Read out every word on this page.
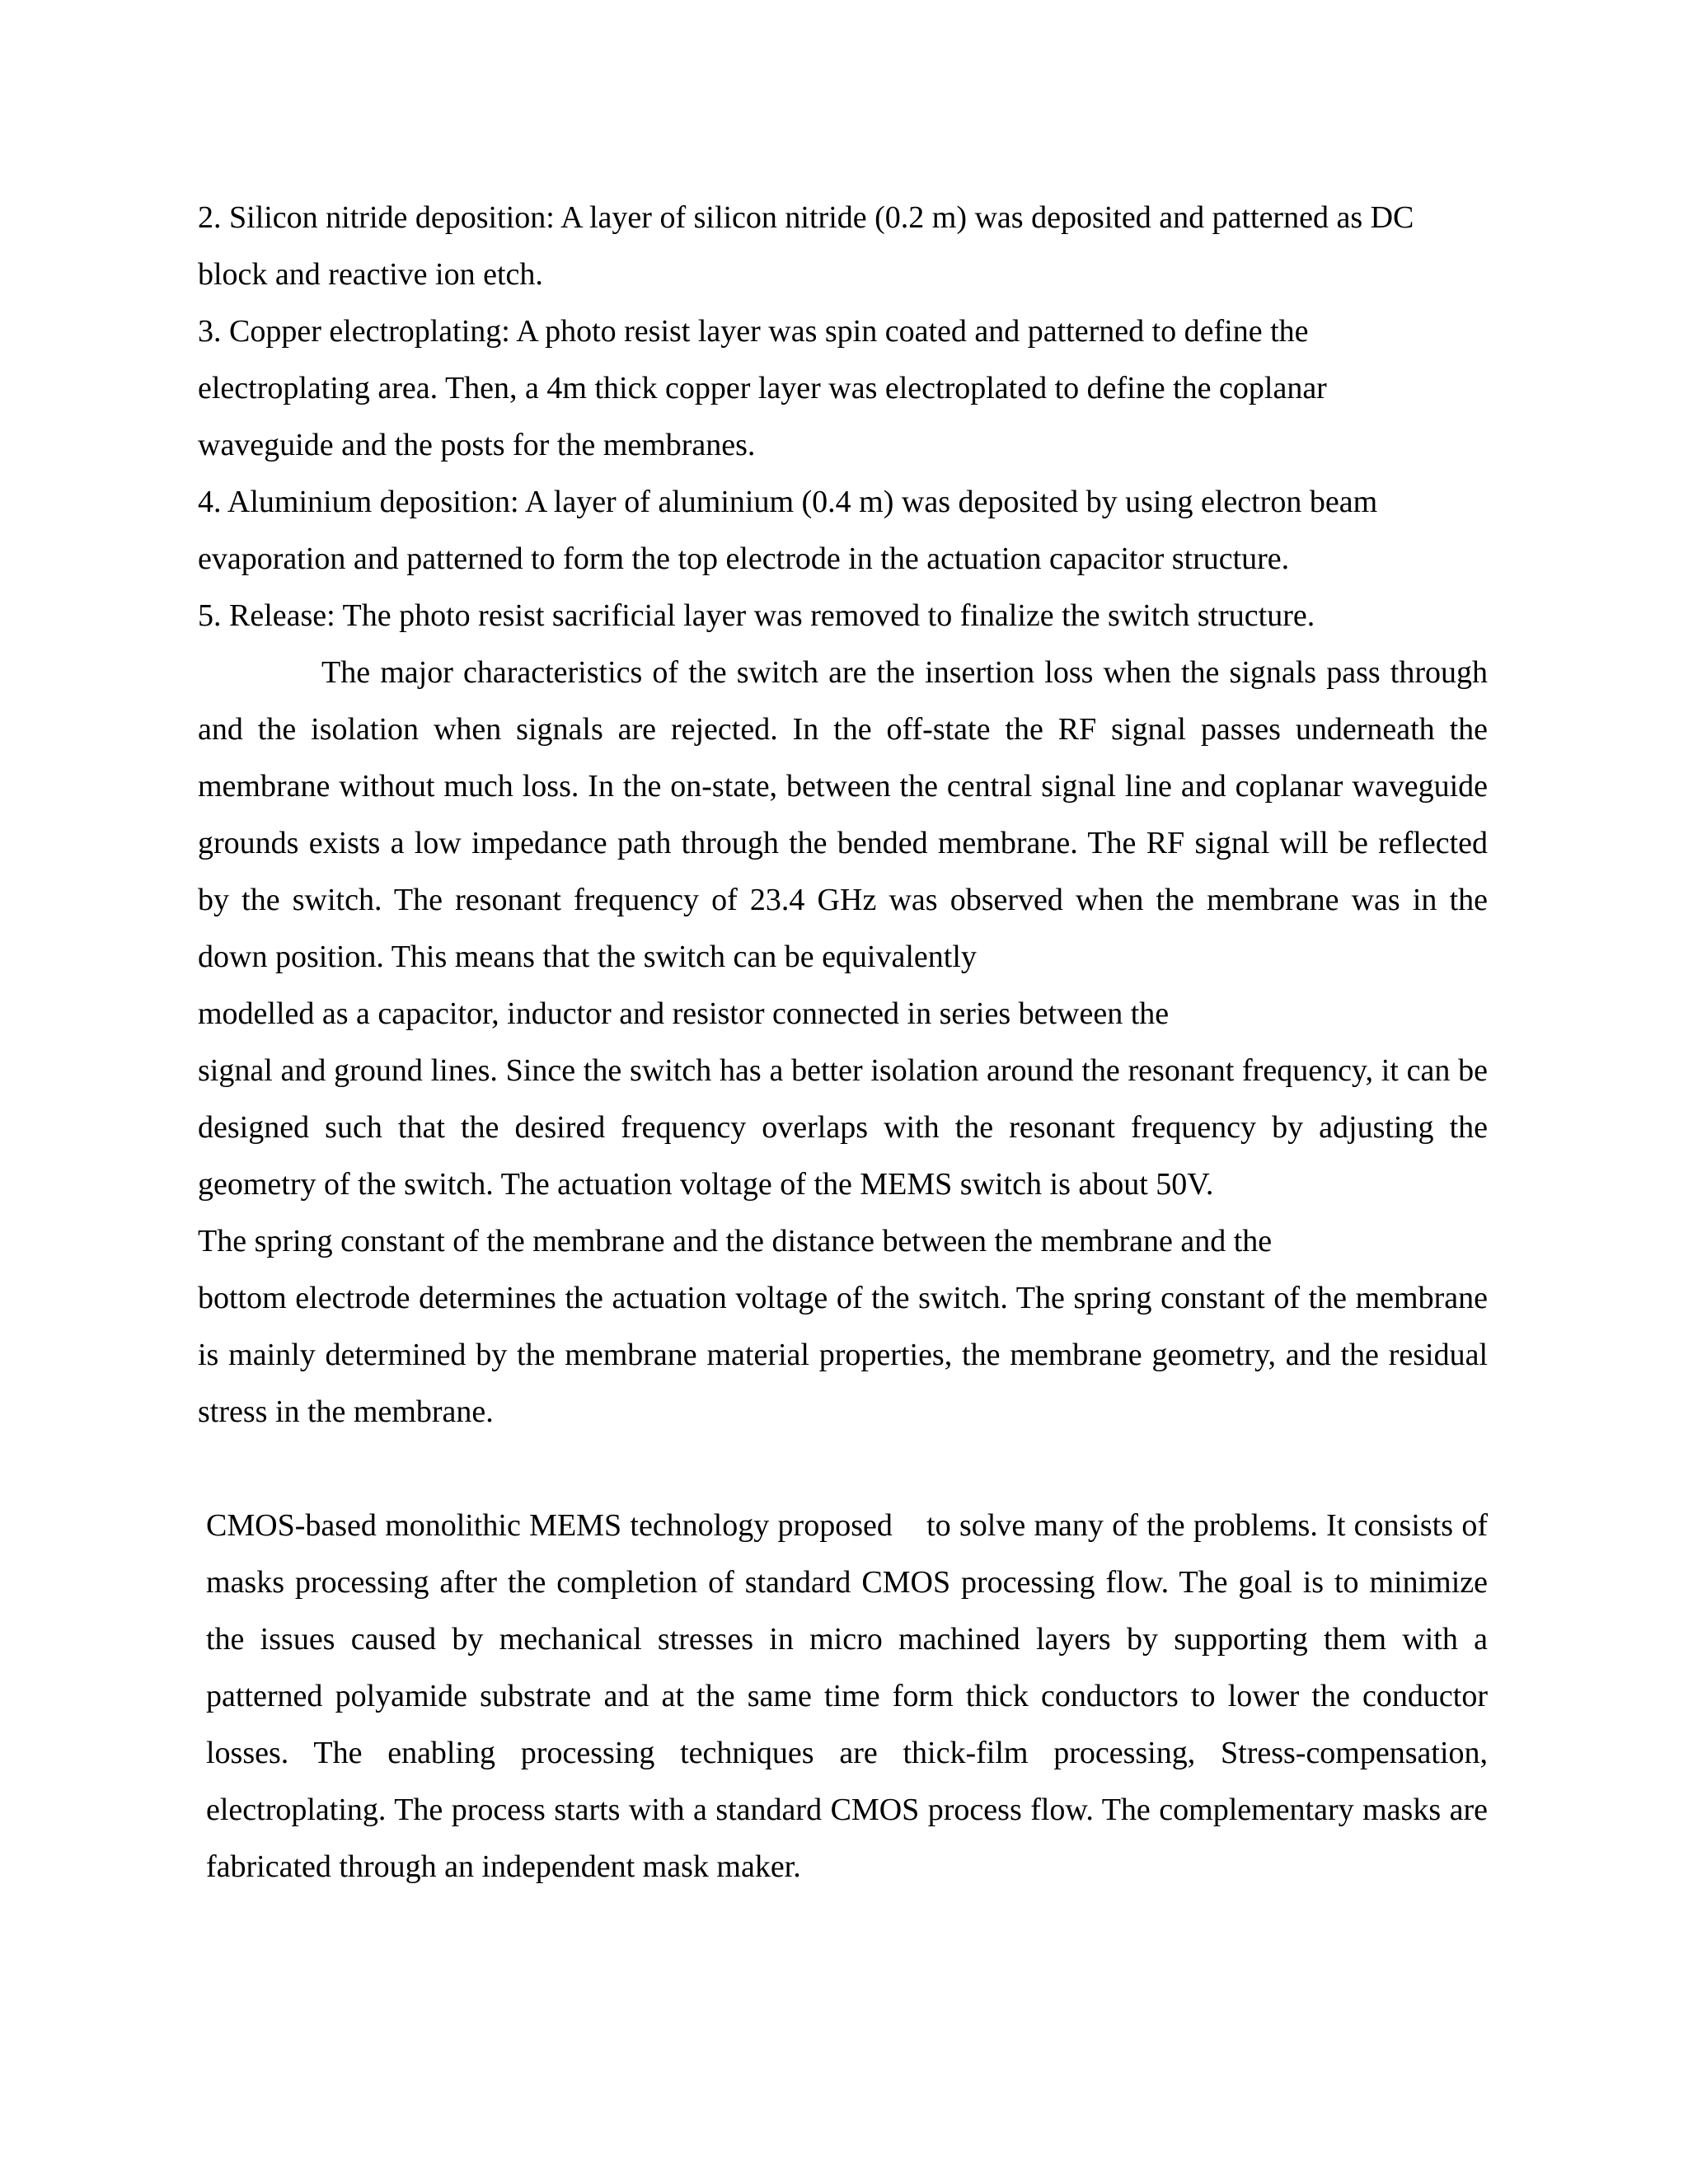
2. Silicon nitride deposition: A layer of silicon nitride (0.2 m) was deposited and patterned as DC

block and reactive ion etch.

3. Copper electroplating: A photo resist layer was spin coated and patterned to define the

electroplating area. Then, a 4m thick copper layer was electroplated to define the coplanar

waveguide and the posts for the membranes.

4. Aluminium deposition: A layer of aluminium (0.4 m) was deposited by using electron beam

evaporation and patterned to form the top electrode in the actuation capacitor structure.

5. Release: The photo resist sacrificial layer was removed to finalize the switch structure.

The major characteristics of the switch are the insertion loss when the signals pass through and the isolation when signals are rejected. In the off-state the RF signal passes underneath the membrane without much loss. In the on-state, between the central signal line and coplanar waveguide grounds exists a low impedance path through the bended membrane. The RF signal will be reflected by the switch. The resonant frequency of 23.4 GHz was observed when the membrane was in the down position. This means that the switch can be equivalently

modelled as a capacitor, inductor and resistor connected in series between the

signal and ground lines. Since the switch has a better isolation around the resonant frequency, it can be designed such that the desired frequency overlaps with the resonant frequency by adjusting the geometry of the switch. The actuation voltage of the MEMS switch is about 50V.

The spring constant of the membrane and the distance between the membrane and the

bottom electrode determines the actuation voltage of the switch. The spring constant of the membrane is mainly determined by the membrane material properties, the membrane geometry, and the residual stress in the membrane.

CMOS-based monolithic MEMS technology proposed    to solve many of the problems. It consists of masks processing after the completion of standard CMOS processing flow. The goal is to minimize the issues caused by mechanical stresses in micro machined layers by supporting them with a patterned polyamide substrate and at the same time form thick conductors to lower the conductor losses. The enabling processing techniques are thick-film processing, Stress-compensation, electroplating. The process starts with a standard CMOS process flow. The complementary masks are fabricated through an independent mask maker.
